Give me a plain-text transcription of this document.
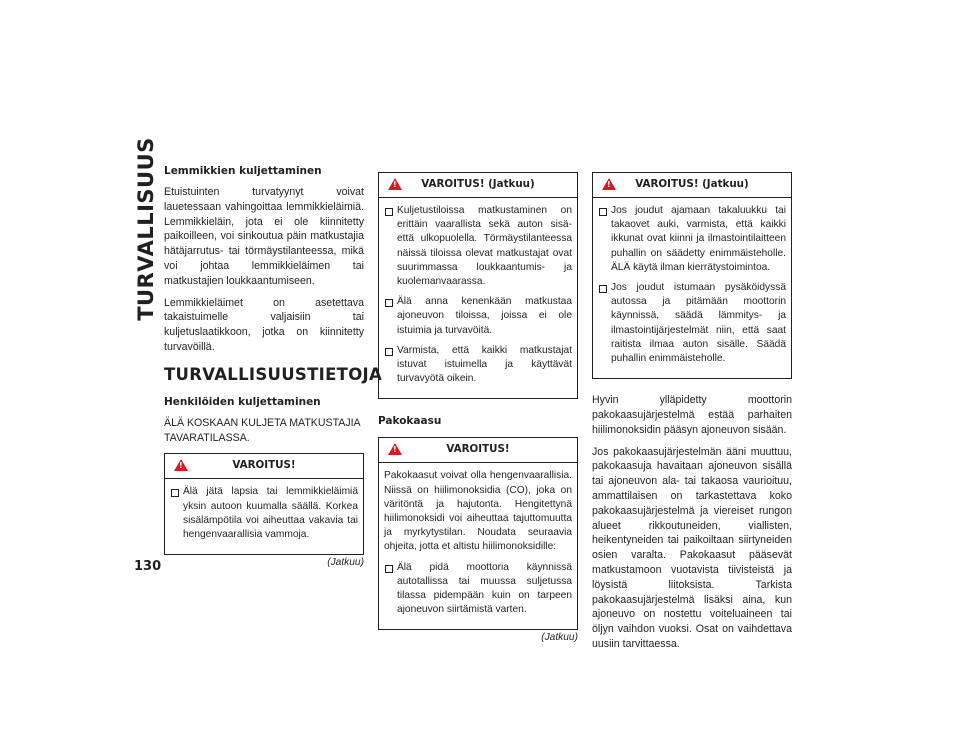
TURVALLISUUS
130
Lemmikkien kuljettaminen

Etuistuinten turvatyynyt voivat lauetessaan vahingoittaa lemmikkieläimiä. Lemmikkieläin, jota ei ole kiinnitetty paikoilleen, voi sinkoutua päin matkustajia hätäjarrutus- tai törmäystilanteessa, mikä voi johtaa lemmikkieläimen tai matkustajien loukkaantumiseen.

Lemmikkieläimet on asetettava takaistuimelle valjaisiin tai kuljetuslaatikkoon, jotka on kiinnitetty turvavöillä.

TURVALLISUUSTIETOJA
Henkilöiden kuljettaminen

ÄLÄ KOSKAAN KULJETA MATKUSTAJIA TAVARATILASSA.

!
VAROITUS!
Älä jätä lapsia tai lemmikkieläimiä yksin autoon kuumalla säällä. Korkea sisälämpötila voi aiheuttaa vakavia tai hengenvaarallisia vammoja.
(Jatkuu)
!
VAROITUS! (Jatkuu)
Kuljetustiloissa matkustaminen on erittäin vaarallista sekä auton sisä- että ulkopuolella. Törmäystilanteessa näissä tiloissa olevat matkustajat ovat suurimmassa loukkaantumis- ja kuolemanvaarassa.
Älä anna kenenkään matkustaa ajoneuvon tiloissa, joissa ei ole istuimia ja turvavöitä.
Varmista, että kaikki matkustajat istuvat istuimella ja käyttävät turvavyötä oikein.
Pakokaasu
!
VAROITUS!
Pakokaasut voivat olla hengenvaarallisia. Niissä on hiilimonoksidia (CO), joka on väritöntä ja hajutonta. Hengitettynä hiilimonoksidi voi aiheuttaa tajuttomuutta ja myrkytystilan. Noudata seuraavia ohjeita, jotta et altistu hiilimonoksidille:
Älä pidä moottoria käynnissä autotallissa tai muussa suljetussa tilassa pidempään kuin on tarpeen ajoneuvon siirtämistä varten.
(Jatkuu)
!
VAROITUS! (Jatkuu)
Jos joudut ajamaan takaluukku tai takaovet auki, varmista, että kaikki ikkunat ovat kiinni ja ilmastointilaitteen puhallin on säädetty enimmäisteholle. ÄLÄ käytä ilman kierrätystoimintoa.
Jos joudut istumaan pysäköidyssä autossa ja pitämään moottorin käynnissä, säädä lämmitys- ja ilmastointijärjestelmät niin, että saat raitista ilmaa auton sisälle. Säädä puhallin enimmäisteholle.

Hyvin ylläpidetty moottorin pakokaasujärjestelmä estää parhaiten hiilimonoksidin pääsyn ajoneuvon sisään.

Jos pakokaasujärjestelmän ääni muuttuu, pakokaasuja havaitaan ajoneuvon sisällä tai ajoneuvon ala- tai takaosa vaurioituu, ammattilaisen on tarkastettava koko pakokaasujärjestelmä ja viereiset rungon alueet rikkoutuneiden, viallisten, heikentyneiden tai paikoiltaan siirtyneiden osien varalta. Pakokaasut pääsevät matkustamoon vuotavista tiivisteistä ja löysistä liitoksista. Tarkista pakokaasujärjestelmä lisäksi aina, kun ajoneuvo on nostettu voiteluaineen tai öljyn vaihdon vuoksi. Osat on vaihdettava uusiin tarvittaessa.
